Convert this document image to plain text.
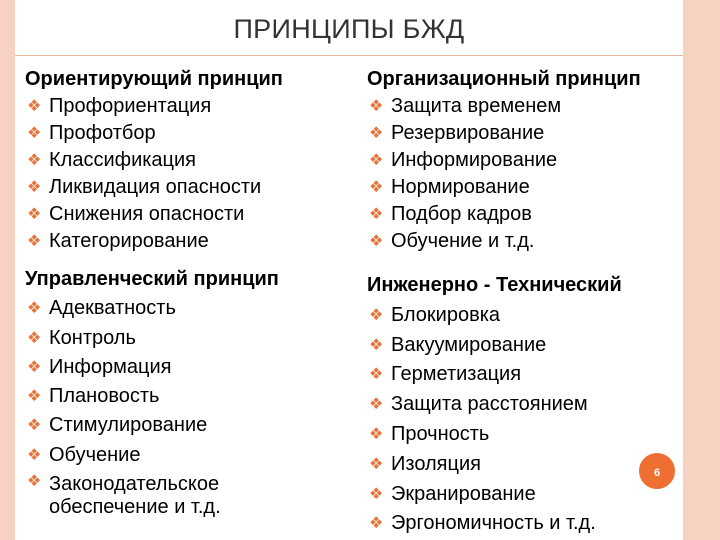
ПРИНЦИПЫ БЖД

Ориентирующий принцип

❖ Профориентация
❖ Профотбор
❖ Классификация
❖ Ликвидация опасности
❖ Снижения опасности
❖ Категорирование

Организационный принцип

❖ Защита временем
❖ Резервирование
❖ Информирование
❖ Нормирование
❖ Подбор кадров
❖ Обучение и т.д.

Управленческий принцип

❖ Адекватность
❖ Контроль
❖ Информация
❖ Плановость
❖ Стимулирование
❖ Обучение
❖ Законодательское обеспечение и т.д.

Инженерно - Технический

❖ Блокировка
❖ Вакуумирование
❖ Герметизация
❖ Защита расстоянием
❖ Прочность
❖ Изоляция
❖ Экранирование
❖ Эргономичность и т.д.
6
